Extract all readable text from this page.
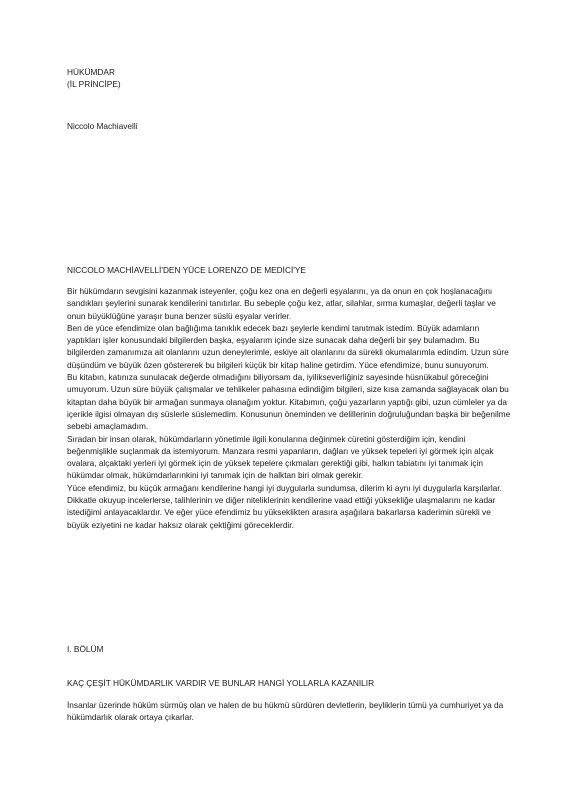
HÜKÜMDAR
(İL PRİNCİPE)
Niccolo Machiavelli
NICCOLO MACHİAVELLİ'DEN YÜCE LORENZO DE MEDİCİ'YE

Bir hükümdarın sevgisini kazanmak isteyenler, çoğu kez ona en değerli eşyalarını, ya da onun en çok hoşlanacağını sandıkları şeylerini sunarak kendilerini tanıtırlar. Bu sebeple çoğu kez, atlar, silahlar, sırma kumaşlar, değerli taşlar ve onun büyüklüğüne yaraşır buna benzer süslü eşyalar verirler.

Ben de yüce efendimize olan bağlığıma tanıklık edecek bazı şeylerle kendimi tanıtmak istedim. Büyük adamların yaptıkları işler konusundaki bilgilerden başka, eşyalarım içinde size sunacak daha değerli bir şey bulamadım. Bu bilgilerden zamanımıza ait olanlarını uzun deneylerimle, eskiye ait olanlarını da sürekli okumalarımla edindim. Uzun süre düşündüm ve büyük özen göstererek bu bilgileri küçük bir kitap haline getirdim. Yüce efendimize, bunu sunuyorum.

Bu kitabın, katınıza sunulacak değerde olmadığını biliyorsam da, iyilikseverliğiniz sayesinde hüsnükabul göreceğini umuyorum. Uzun süre büyük çalışmalar ve tehlikeler pahasına edindiğim bilgileri, size kısa zamanda sağlayacak olan bu kitaptan daha büyük bir armağan sunmaya olanağım yoktur. Kitabımın, çoğu yazarların yaptığı gibi, uzun cümleler ya da içerikle ilgisi olmayan dış süslerle süslemedim. Konusunun öneminden ve delillerinin doğruluğundan başka bir beğenilme sebebi amaçlamadım.

Sıradan bir insan olarak, hükümdarların yönetimle ilgili konularına değinmek cüretini gösterdiğim için, kendini beğenmişlikle suçlanmak da istemiyorum. Manzara resmi yapanların, dağları ve yüksek tepeleri iyi görmek için alçak ovalara, alçaktaki yerleri iyi görmek için de yüksek tepelere çıkmaları gerektiği gibi, halkın tabiatını iyi tanımak için hükümdar olmak, hükümdarlarınkini iyi tanımak için de halktan biri olmak gerekir.

Yüce efendimiz, bu küçük armağanı kendilerine hangi iyi duygularla sundumsa, dilerim ki aynı iyi duygularla karşılarlar. Dikkatle okuyup incelerlerse, talihlerinin ve diğer niteliklerinin kendilerine vaad ettiği yüksekliğe ulaşmalarını ne kadar istediğimi anlayacaklardır. Ve eğer yüce efendimiz bu yükseklikten arasıra aşağılara bakarlarsa kaderimin sürekli ve büyük eziyetini ne kadar haksız olarak çektiğimi göreceklerdir.

I. BÖLÜM
KAÇ ÇEŞİT HÜKÜMDARLIK VARDIR VE BUNLAR HANGİ YOLLARLA KAZANILIR

İnsanlar üzerinde hüküm sürmüş olan ve halen de bu hükmü sürdüren devletlerin, beyliklerin tümü ya cumhuriyet ya da hükümdarlık olarak ortaya çıkarlar.
